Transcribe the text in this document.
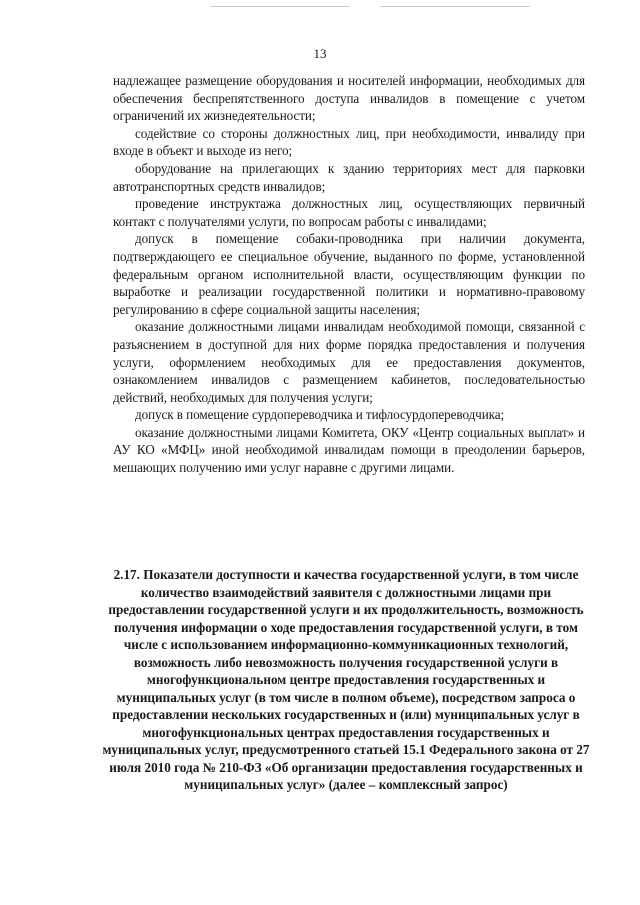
13

надлежащее размещение оборудования и носителей информации, необходимых для обеспечения беспрепятственного доступа инвалидов в помещение с учетом ограничений их жизнедеятельности;

содействие со стороны должностных лиц, при необходимости, инвалиду при входе в объект и выходе из него;

оборудование на прилегающих к зданию территориях мест для парковки автотранспортных средств инвалидов;

проведение инструктажа должностных лиц, осуществляющих первичный контакт с получателями услуги, по вопросам работы с инвалидами;

допуск в помещение собаки-проводника при наличии документа, подтверждающего ее специальное обучение, выданного по форме, установленной федеральным органом исполнительной власти, осуществляющим функции по выработке и реализации государственной политики и нормативно-правовому регулированию в сфере социальной защиты населения;

оказание должностными лицами инвалидам необходимой помощи, связанной с разъяснением в доступной для них форме порядка предоставления и получения услуги, оформлением необходимых для ее предоставления документов, ознакомлением инвалидов с размещением кабинетов, последовательностью действий, необходимых для получения услуги;

допуск в помещение сурдопереводчика и тифлосурдопереводчика;

оказание должностными лицами Комитета, ОКУ «Центр социальных выплат» и АУ КО «МФЦ» иной необходимой инвалидам помощи в преодолении барьеров, мешающих получению ими услуг наравне с другими лицами.

2.17. Показатели доступности и качества государственной услуги, в том числе количество взаимодействий заявителя с должностными лицами при предоставлении государственной услуги и их продолжительность, возможность получения информации о ходе предоставления государственной услуги, в том числе с использованием информационно-коммуникационных технологий, возможность либо невозможность получения государственной услуги в многофункциональном центре предоставления государственных и муниципальных услуг (в том числе в полном объеме), посредством запроса о предоставлении нескольких государственных и (или) муниципальных услуг в многофункциональных центрах предоставления государственных и муниципальных услуг, предусмотренного статьей 15.1 Федерального закона от 27 июля 2010 года № 210-ФЗ «Об организации предоставления государственных и муниципальных услуг» (далее – комплексный запрос)
